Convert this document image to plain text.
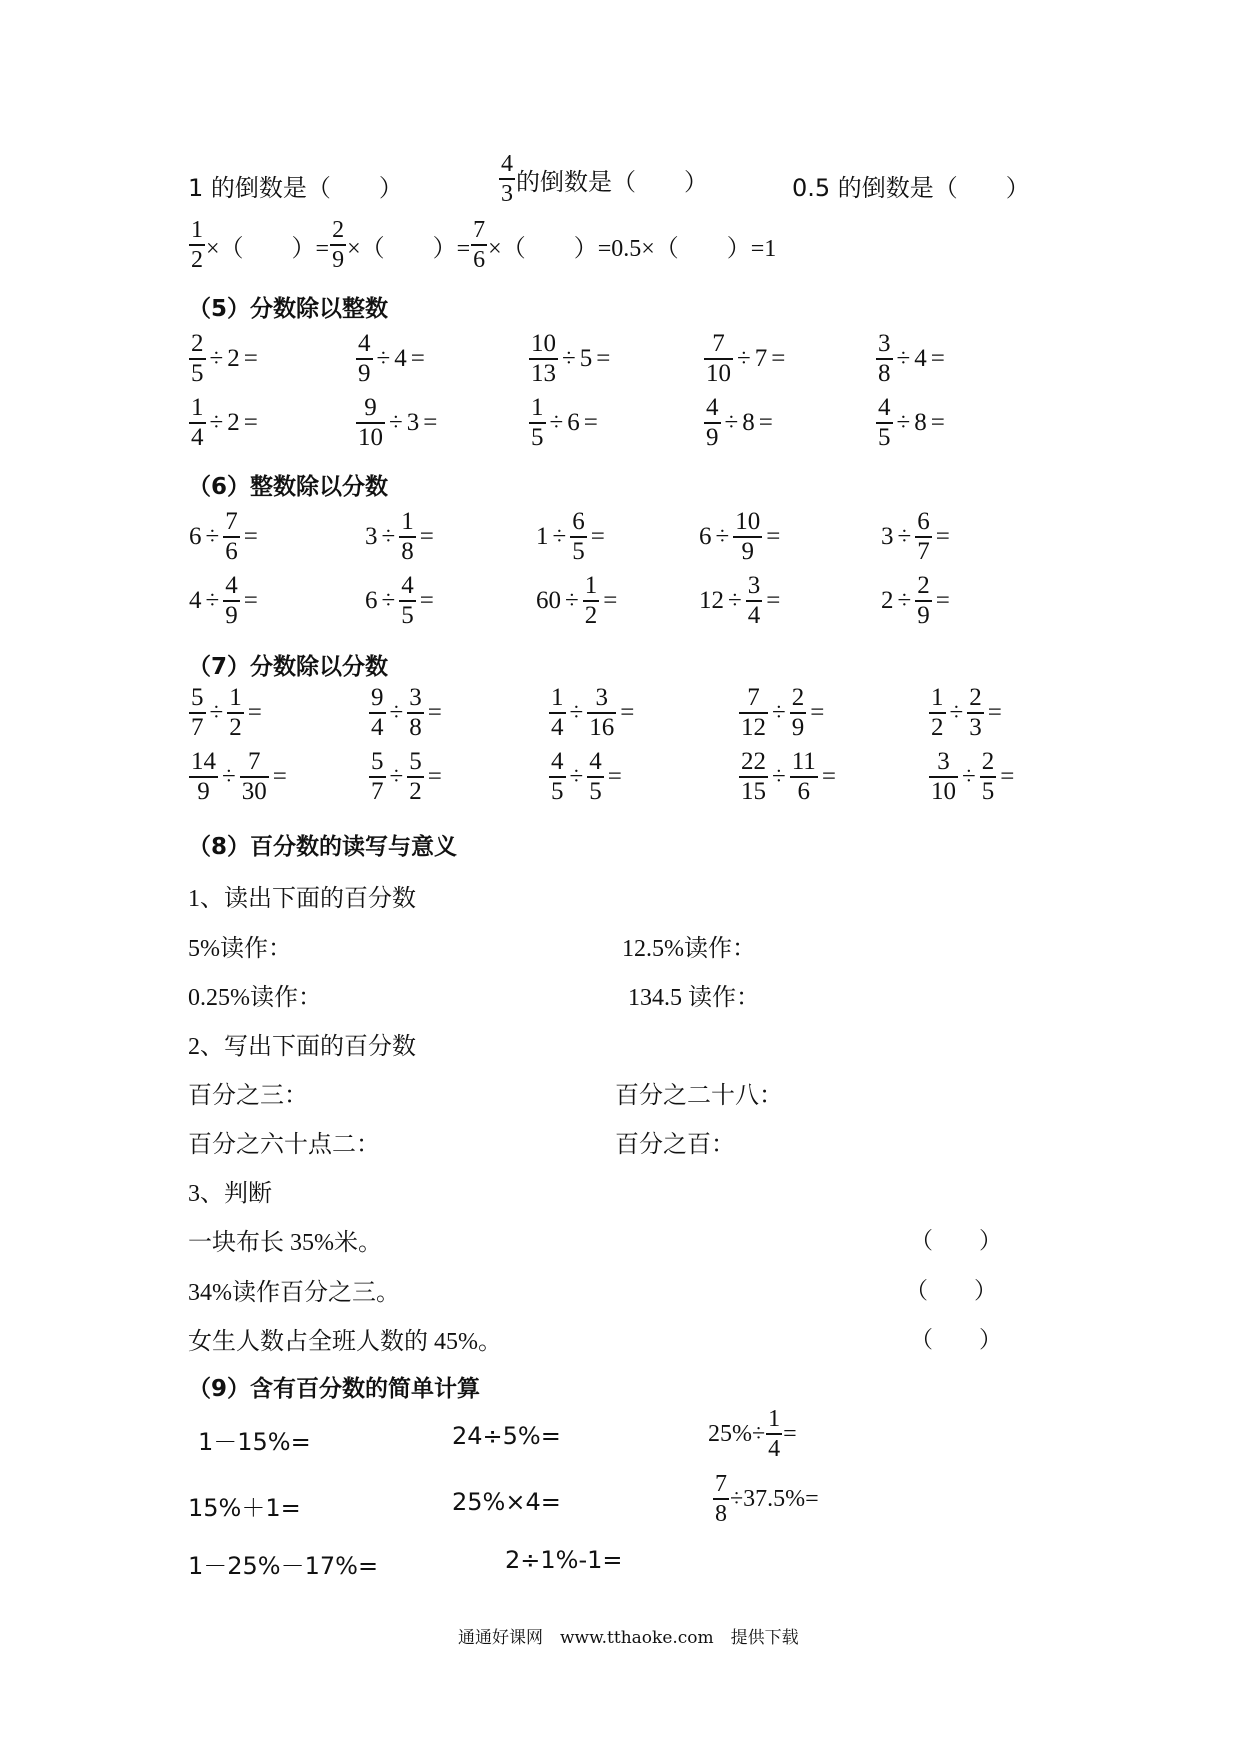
1 的倒数是（　　）	$\frac{4}{3}$ 的倒数是（　　）	0.5 的倒数是（　　）
$\frac{1}{2}$ ×（　　）= $\frac{2}{9}$ ×（　　）= $\frac{7}{6}$ ×（　　）=0.5×（　　）=1
（5）分数除以整数
$\frac{2}{5} \div 2$ =	$\frac{4}{9} \div 4$ =	$\frac{10}{13} \div 5$ =	$\frac{7}{10} \div 7$ =	$\frac{3}{8} \div 4$ =
$\frac{1}{4} \div 2$ =	$\frac{9}{10} \div 3$ =	$\frac{1}{5} \div 6$ =	$\frac{4}{9} \div 8$ =	$\frac{4}{5} \div 8$ =
（6）整数除以分数
$6 \div \frac{7}{6}$ =	$3 \div \frac{1}{8}$ =	$1 \div \frac{6}{5}$ =	$6 \div \frac{10}{9}$ =	$3 \div \frac{6}{7}$ =
$4 \div \frac{4}{9}$ =	$6 \div \frac{4}{5}$ =	$60 \div \frac{1}{2}$ =	$12 \div \frac{3}{4}$ =	$2 \div \frac{2}{9}$ =
（7）分数除以分数
$\frac{5}{7} \div \frac{1}{2}$ =	$\frac{9}{4} \div \frac{3}{8}$ =	$\frac{1}{4} \div \frac{3}{16}$ =	$\frac{7}{12} \div \frac{2}{9}$ =	$\frac{1}{2} \div \frac{2}{3}$ =
$\frac{14}{9} \div \frac{7}{30}$ =	$\frac{5}{7} \div \frac{5}{2}$ =	$\frac{4}{5} \div \frac{4}{5}$ =	$\frac{22}{15} \div \frac{11}{6}$ =	$\frac{3}{10} \div \frac{2}{5}$ =
（8）百分数的读写与意义
1、读出下面的百分数
5%读作：	12.5%读作：
0.25%读作：	134.5 读作：
2、写出下面的百分数
百分之三：	百分之二十八：
百分之六十点二：	百分之百：
3、判断
一块布长 35%米。	（　　）
34%读作百分之三。	（　　）
女生人数占全班人数的 45%。	（　　）
（9）含有百分数的简单计算
1－15%=	24÷5%=	$25\%\div \frac{1}{4}$ =
15%＋1=	25%×4=	$\frac{7}{8} \div 37.5\%=$
1－25%－17%=	2÷1%-1=
通通好课网　www.tthaoke.com　提供下载
